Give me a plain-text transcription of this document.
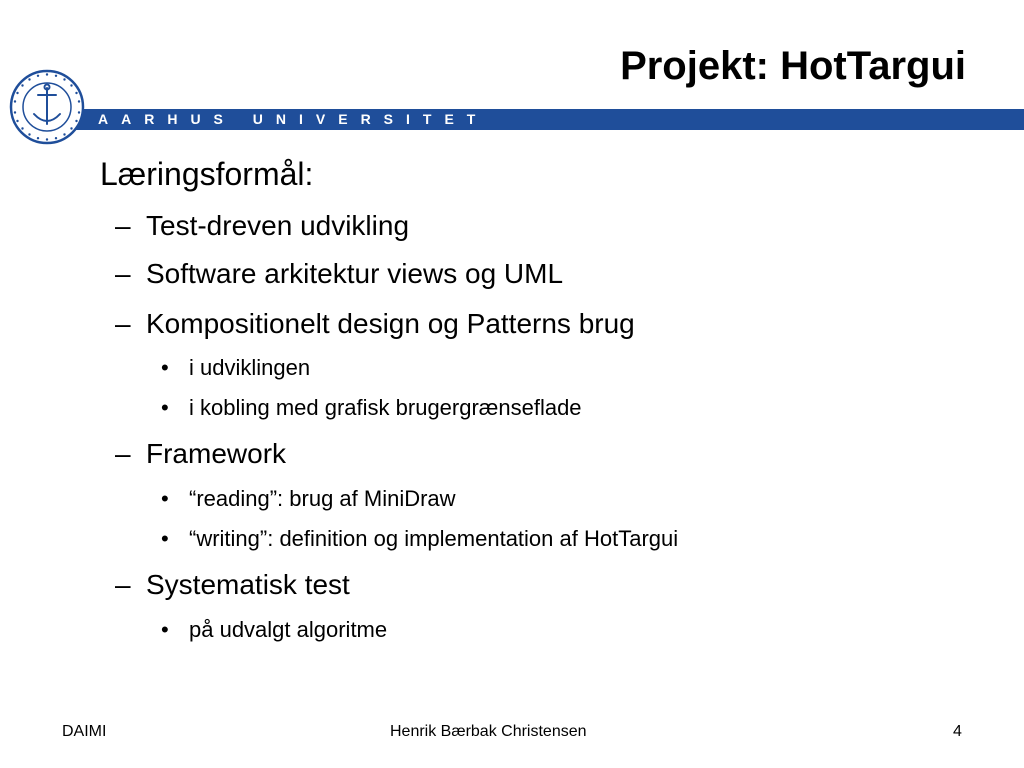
Projekt: HotTargui
AARHUS UNIVERSITET
Læringsformål:
– Test-dreven udvikling
– Software arkitektur views og UML
– Kompositionelt design og Patterns brug
• i udviklingen
• i kobling med grafisk brugergrænseflade
– Framework
• “reading”: brug af MiniDraw
• “writing”: definition og implementation af HotTargui
– Systematisk test
• på udvalgt algoritme
DAIMI	Henrik Bærbak Christensen	4
